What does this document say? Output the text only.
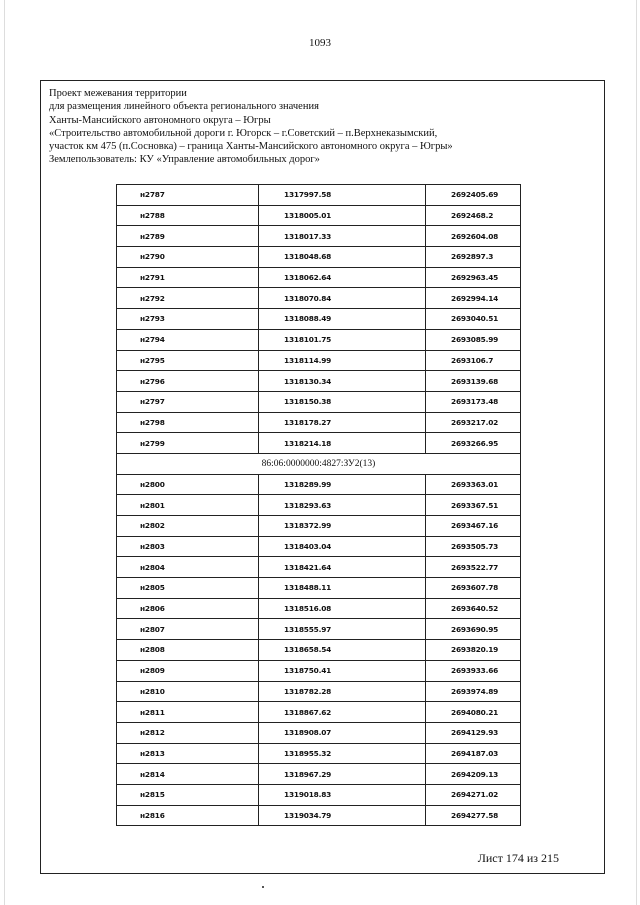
1093
Проект межевания территории
для размещения линейного объекта регионального значения
Ханты-Мансийского автономного округа – Югры
«Строительство автомобильной дороги г. Югорск – г.Советский – п.Верхнеказымский,
участок км 475 (п.Сосновка) – граница Ханты-Мансийского автономного округа – Югры»
Землепользователь: КУ «Управление автомобильных дорог»
н2787	1317997.58	2692405.69
н2788	1318005.01	2692468.2
н2789	1318017.33	2692604.08
н2790	1318048.68	2692897.3
н2791	1318062.64	2692963.45
н2792	1318070.84	2692994.14
н2793	1318088.49	2693040.51
н2794	1318101.75	2693085.99
н2795	1318114.99	2693106.7
н2796	1318130.34	2693139.68
н2797	1318150.38	2693173.48
н2798	1318178.27	2693217.02
н2799	1318214.18	2693266.95
86:06:0000000:4827:ЗУ2(13)		
н2800	1318289.99	2693363.01
н2801	1318293.63	2693367.51
н2802	1318372.99	2693467.16
н2803	1318403.04	2693505.73
н2804	1318421.64	2693522.77
н2805	1318488.11	2693607.78
н2806	1318516.08	2693640.52
н2807	1318555.97	2693690.95
н2808	1318658.54	2693820.19
н2809	1318750.41	2693933.66
н2810	1318782.28	2693974.89
н2811	1318867.62	2694080.21
н2812	1318908.07	2694129.93
н2813	1318955.32	2694187.03
н2814	1318967.29	2694209.13
н2815	1319018.83	2694271.02
н2816	1319034.79	2694277.58
Лист 174 из 215
